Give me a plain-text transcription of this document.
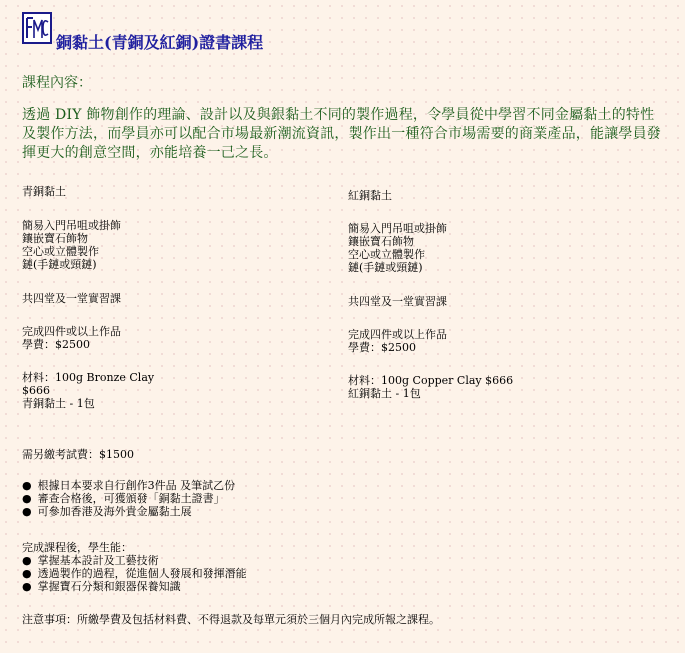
銅黏土(青銅及紅銅)證書課程
課程內容：
透過 DIY 飾物創作的理論、設計以及與銀黏土不同的製作過程，令學員從中學習不同金屬黏土的特性及製作方法，而學員亦可以配合市場最新潮流資訊，製作出一種符合市場需要的商業產品，能讓學員發揮更大的創意空間，亦能培養一己之長。
青銅黏土
簡易入門吊咀或掛飾
鑲嵌寶石飾物
空心或立體製作
鏈(手鏈或頸鏈)
共四堂及一堂實習課
完成四件或以上作品
學費：$2500
材料：100g Bronze Clay
$666
青銅黏土 - 1包
紅銅黏土
簡易入門吊咀或掛飾
鑲嵌寶石飾物
空心或立體製作
鏈(手鏈或頸鏈)
共四堂及一堂實習課
完成四件或以上作品
學費：$2500
材料：100g Copper Clay $666
紅銅黏土 - 1包
需另繳考試費：$1500
● 根據日本要求自行創作3件品 及筆試乙份
● 審查合格後，可獲頒發「銅黏土證書」
● 可參加香港及海外貴金屬黏土展
完成課程後，學生能：
● 掌握基本設計及工藝技術
● 透過製作的過程，從進個人發展和發揮潛能
● 掌握寶石分類和銀器保養知識
注意事項：所繳學費及包括材料費、不得退款及每單元須於三個月內完成所報之課程。
